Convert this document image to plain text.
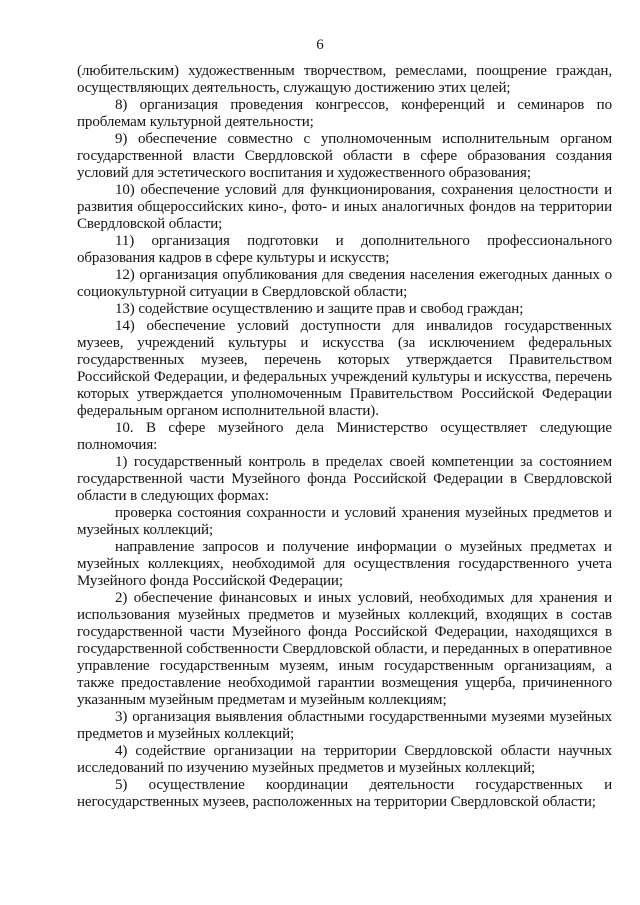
6

(любительским) художественным творчеством, ремеслами, поощрение граждан, осуществляющих деятельность, служащую достижению этих целей;

8) организация проведения конгрессов, конференций и семинаров по проблемам культурной деятельности;

9) обеспечение совместно с уполномоченным исполнительным органом государственной власти Свердловской области в сфере образования создания условий для эстетического воспитания и художественного образования;

10) обеспечение условий для функционирования, сохранения целостности и развития общероссийских кино-, фото- и иных аналогичных фондов на территории Свердловской области;

11) организация подготовки и дополнительного профессионального образования кадров в сфере культуры и искусств;

12) организация опубликования для сведения населения ежегодных данных о социокультурной ситуации в Свердловской области;

13) содействие осуществлению и защите прав и свобод граждан;

14) обеспечение условий доступности для инвалидов государственных музеев, учреждений культуры и искусства (за исключением федеральных государственных музеев, перечень которых утверждается Правительством Российской Федерации, и федеральных учреждений культуры и искусства, перечень которых утверждается уполномоченным Правительством Российской Федерации федеральным органом исполнительной власти).

10. В сфере музейного дела Министерство осуществляет следующие полномочия:

1) государственный контроль в пределах своей компетенции за состоянием государственной части Музейного фонда Российской Федерации в Свердловской области в следующих формах:

проверка состояния сохранности и условий хранения музейных предметов и музейных коллекций;

направление запросов и получение информации о музейных предметах и музейных коллекциях, необходимой для осуществления государственного учета Музейного фонда Российской Федерации;

2) обеспечение финансовых и иных условий, необходимых для хранения и использования музейных предметов и музейных коллекций, входящих в состав государственной части Музейного фонда Российской Федерации, находящихся в государственной собственности Свердловской области, и переданных в оперативное управление государственным музеям, иным государственным организациям, а также предоставление необходимой гарантии возмещения ущерба, причиненного указанным музейным предметам и музейным коллекциям;

3) организация выявления областными государственными музеями музейных предметов и музейных коллекций;

4) содействие организации на территории Свердловской области научных исследований по изучению музейных предметов и музейных коллекций;

5) осуществление координации деятельности государственных и негосударственных музеев, расположенных на территории Свердловской области;
